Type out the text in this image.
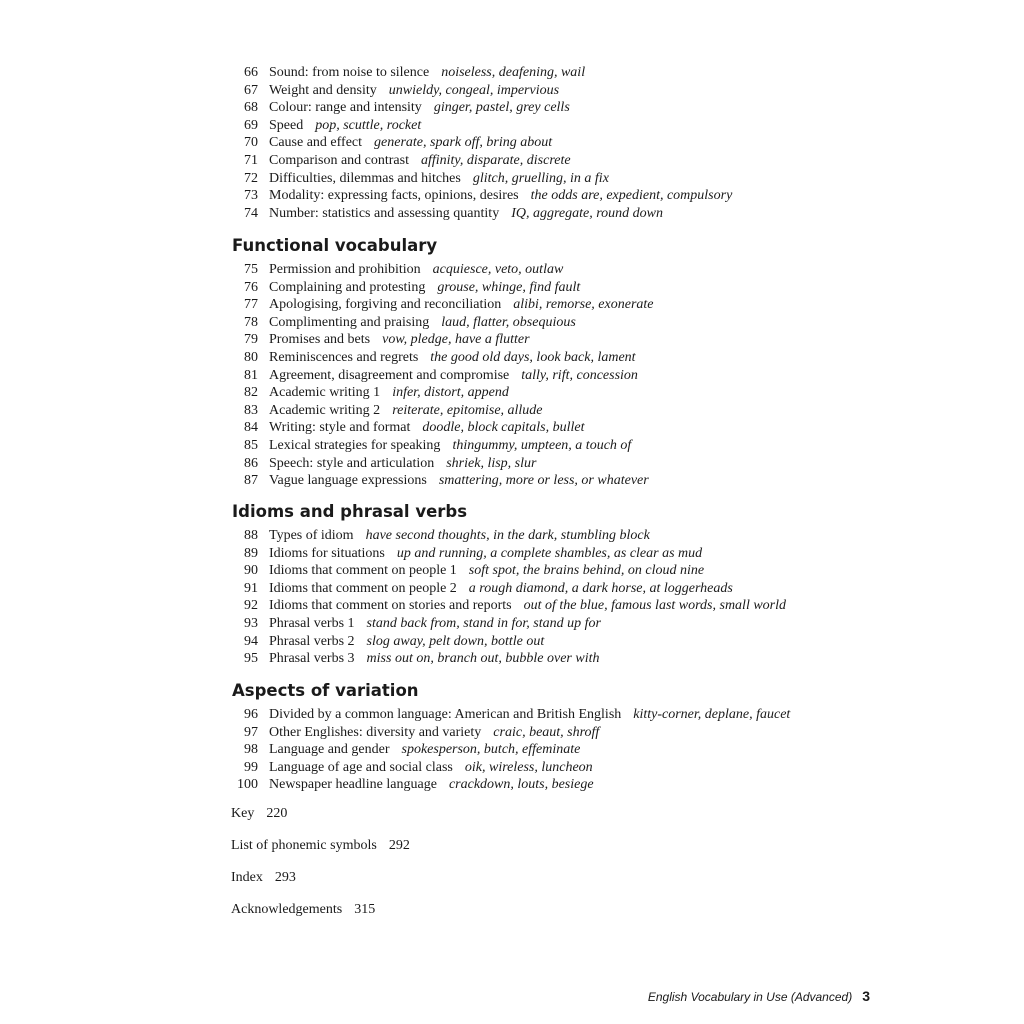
66 Sound: from noise to silence noiseless, deafening, wail
67 Weight and density unwieldy, congeal, impervious
68 Colour: range and intensity ginger, pastel, grey cells
69 Speed pop, scuttle, rocket
70 Cause and effect generate, spark off, bring about
71 Comparison and contrast affinity, disparate, discrete
72 Difficulties, dilemmas and hitches glitch, gruelling, in a fix
73 Modality: expressing facts, opinions, desires the odds are, expedient, compulsory
74 Number: statistics and assessing quantity IQ, aggregate, round down
Functional vocabulary
75 Permission and prohibition acquiesce, veto, outlaw
76 Complaining and protesting grouse, whinge, find fault
77 Apologising, forgiving and reconciliation alibi, remorse, exonerate
78 Complimenting and praising laud, flatter, obsequious
79 Promises and bets vow, pledge, have a flutter
80 Reminiscences and regrets the good old days, look back, lament
81 Agreement, disagreement and compromise tally, rift, concession
82 Academic writing 1 infer, distort, append
83 Academic writing 2 reiterate, epitomise, allude
84 Writing: style and format doodle, block capitals, bullet
85 Lexical strategies for speaking thingummy, umpteen, a touch of
86 Speech: style and articulation shriek, lisp, slur
87 Vague language expressions smattering, more or less, or whatever
Idioms and phrasal verbs
88 Types of idiom have second thoughts, in the dark, stumbling block
89 Idioms for situations up and running, a complete shambles, as clear as mud
90 Idioms that comment on people 1 soft spot, the brains behind, on cloud nine
91 Idioms that comment on people 2 a rough diamond, a dark horse, at loggerheads
92 Idioms that comment on stories and reports out of the blue, famous last words, small world
93 Phrasal verbs 1 stand back from, stand in for, stand up for
94 Phrasal verbs 2 slog away, pelt down, bottle out
95 Phrasal verbs 3 miss out on, branch out, bubble over with
Aspects of variation
96 Divided by a common language: American and British English kitty-corner, deplane, faucet
97 Other Englishes: diversity and variety craic, beaut, shroff
98 Language and gender spokesperson, butch, effeminate
99 Language of age and social class oik, wireless, luncheon
100 Newspaper headline language crackdown, louts, besiege
Key 220
List of phonemic symbols 292
Index 293
Acknowledgements 315
English Vocabulary in Use (Advanced) 3
